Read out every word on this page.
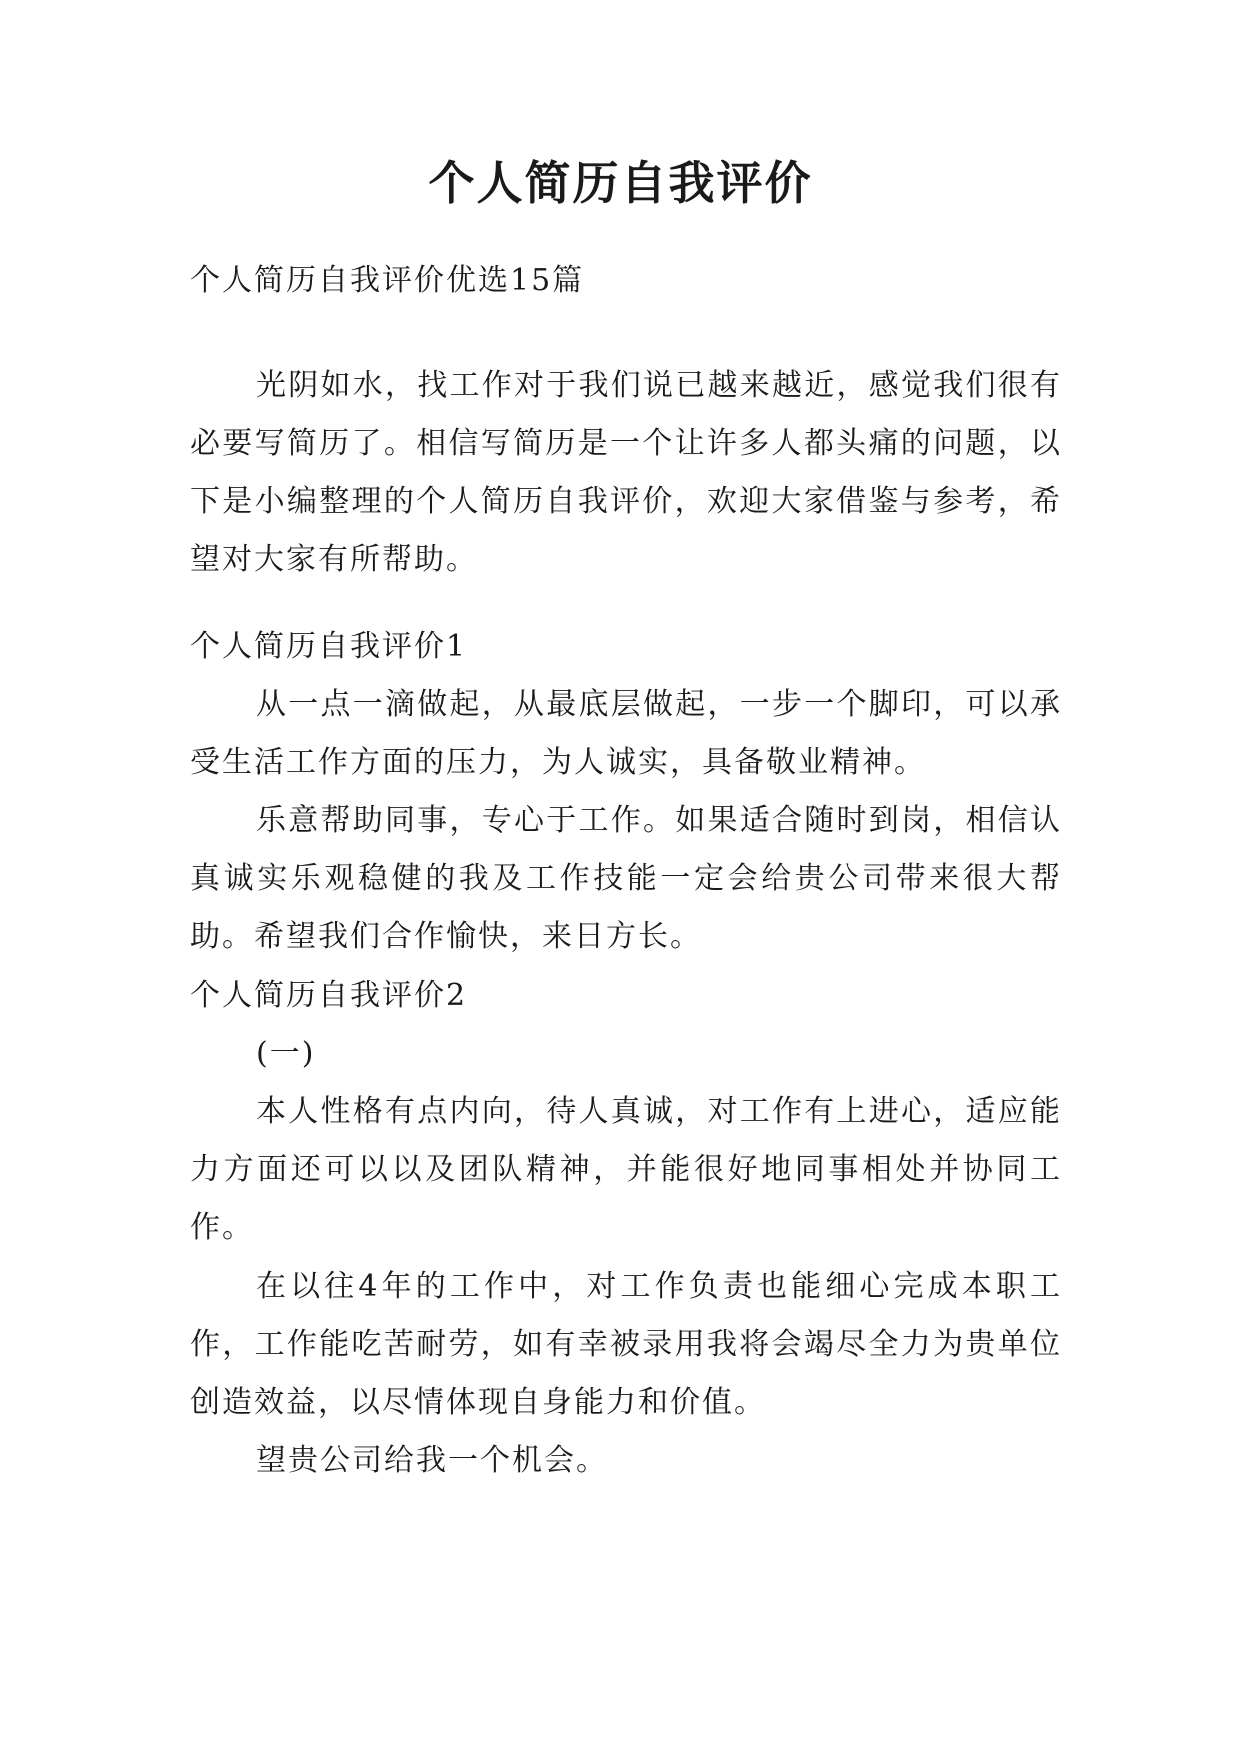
个人简历自我评价

个人简历自我评价优选15篇

光阴如水，找工作对于我们说已越来越近，感觉我们很有必要写简历了。相信写简历是一个让许多人都头痛的问题，以下是小编整理的个人简历自我评价，欢迎大家借鉴与参考，希望对大家有所帮助。

个人简历自我评价1

从一点一滴做起，从最底层做起，一步一个脚印，可以承受生活工作方面的压力，为人诚实，具备敬业精神。

乐意帮助同事，专心于工作。如果适合随时到岗，相信认真诚实乐观稳健的我及工作技能一定会给贵公司带来很大帮助。希望我们合作愉快，来日方长。

个人简历自我评价2

(一)

本人性格有点内向，待人真诚，对工作有上进心，适应能力方面还可以以及团队精神，并能很好地同事相处并协同工作。

在以往4年的工作中，对工作负责也能细心完成本职工作，工作能吃苦耐劳，如有幸被录用我将会竭尽全力为贵单位创造效益，以尽情体现自身能力和价值。

望贵公司给我一个机会。
